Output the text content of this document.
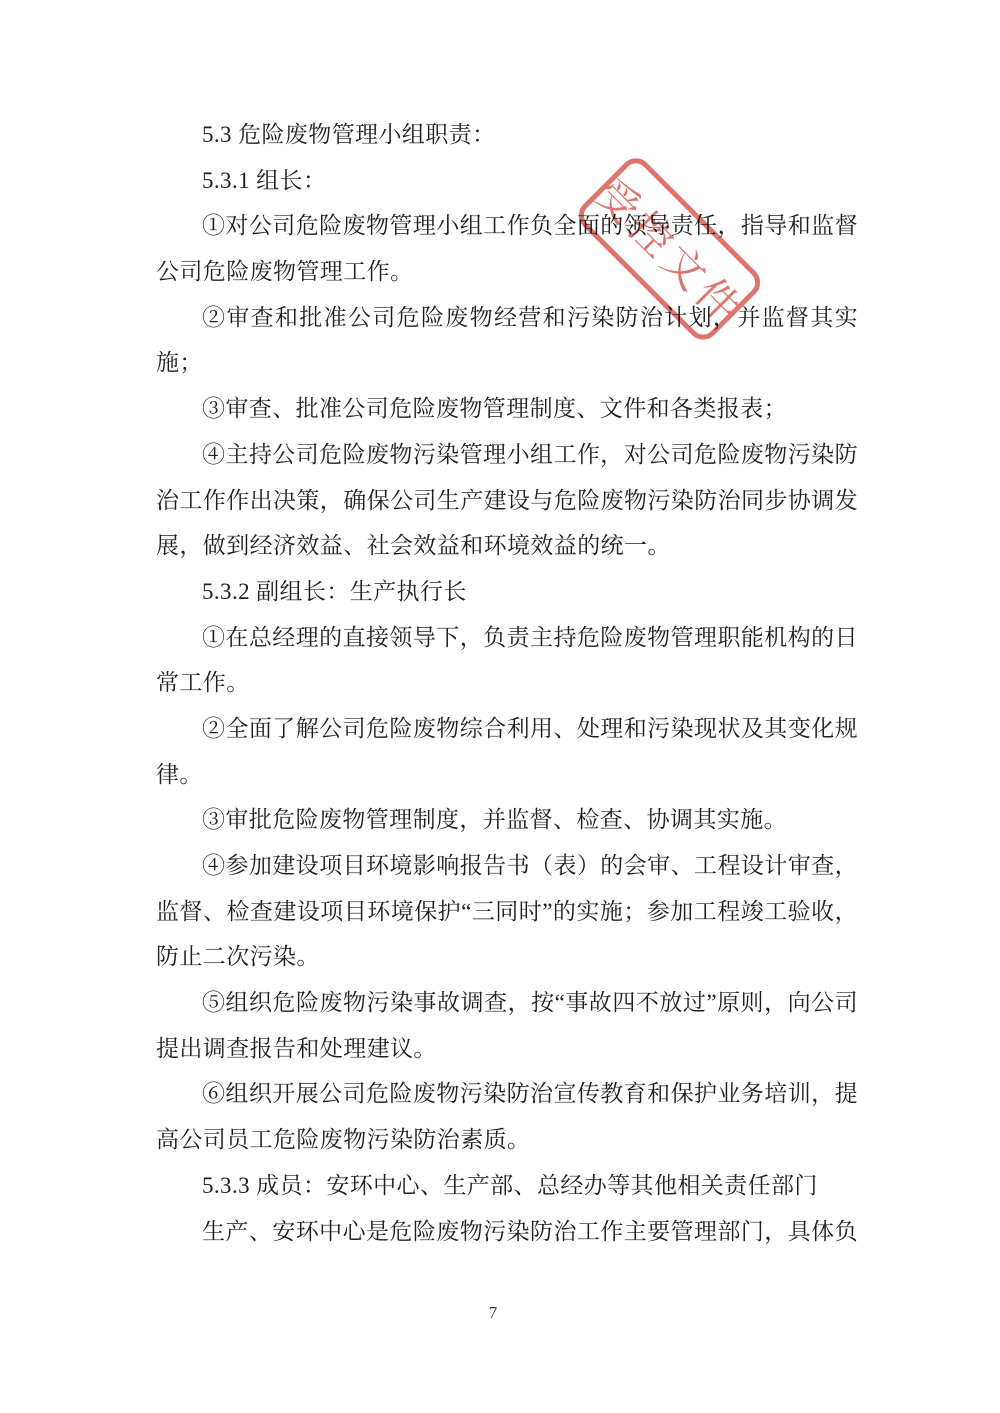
5.3 危险废物管理小组职责：

5.3.1 组长：

①对公司危险废物管理小组工作负全面的领导责任，指导和监督

公司危险废物管理工作。

②审查和批准公司危险废物经营和污染防治计划，并监督其实

施；

③审查、批准公司危险废物管理制度、文件和各类报表；

④主持公司危险废物污染管理小组工作，对公司危险废物污染防

治工作作出决策，确保公司生产建设与危险废物污染防治同步协调发

展，做到经济效益、社会效益和环境效益的统一。

5.3.2 副组长：生产执行长

①在总经理的直接领导下，负责主持危险废物管理职能机构的日

常工作。

②全面了解公司危险废物综合利用、处理和污染现状及其变化规

律。

③审批危险废物管理制度，并监督、检查、协调其实施。

④参加建设项目环境影响报告书（表）的会审、工程设计审查，

监督、检查建设项目环境保护“三同时”的实施；参加工程竣工验收，

防止二次污染。

⑤组织危险废物污染事故调查，按“事故四不放过”原则，向公司

提出调查报告和处理建议。

⑥组织开展公司危险废物污染防治宣传教育和保护业务培训，提

高公司员工危险废物污染防治素质。

5.3.3 成员：安环中心、生产部、总经办等其他相关责任部门

生产、安环中心是危险废物污染防治工作主要管理部门，具体负

受控文件
7
